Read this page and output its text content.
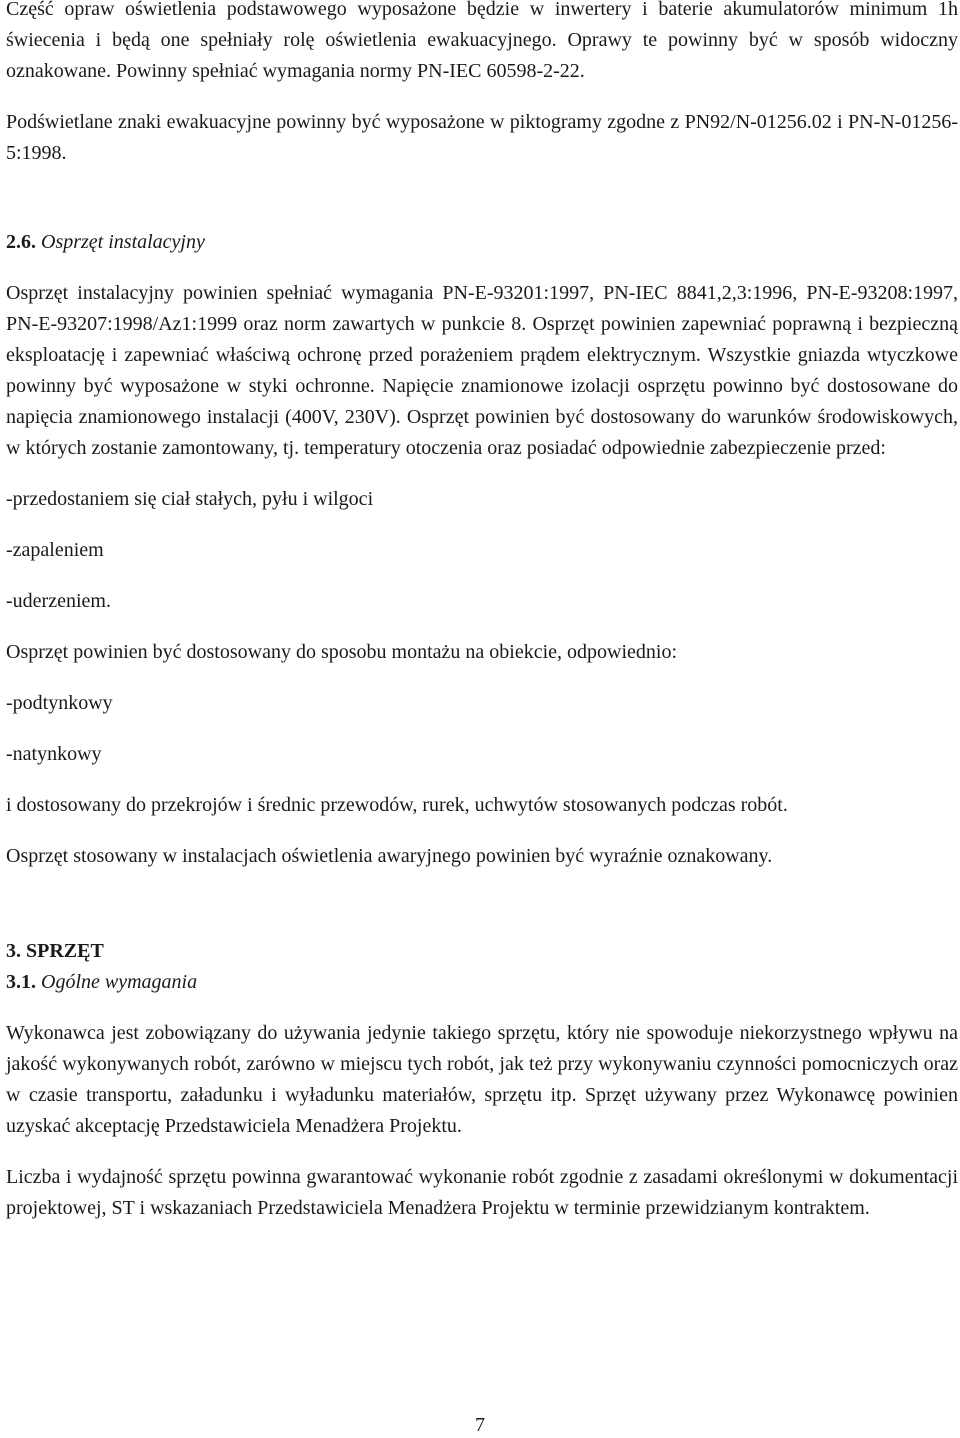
Część opraw oświetlenia podstawowego wyposażone będzie w inwertery i baterie akumulatorów minimum 1h świecenia i będą one spełniały rolę oświetlenia ewakuacyjnego. Oprawy te powinny być w sposób widoczny oznakowane. Powinny spełniać wymagania normy PN-IEC 60598-2-22.

Podświetlane znaki ewakuacyjne powinny być wyposażone w piktogramy zgodne z PN92/N-01256.02 i PN-N-01256-5:1998.

2.6. Osprzęt instalacyjny

Osprzęt instalacyjny powinien spełniać wymagania PN-E-93201:1997, PN-IEC 8841,2,3:1996, PN-E-93208:1997, PN-E-93207:1998/Az1:1999 oraz norm zawartych w punkcie 8. Osprzęt powinien zapewniać poprawną i bezpieczną eksploatację i zapewniać właściwą ochronę przed porażeniem prądem elektrycznym. Wszystkie gniazda wtyczkowe powinny być wyposażone w styki ochronne. Napięcie znamionowe izolacji osprzętu powinno być dostosowane do napięcia znamionowego instalacji (400V, 230V). Osprzęt powinien być dostosowany do warunków środowiskowych, w których zostanie zamontowany, tj. temperatury otoczenia oraz posiadać odpowiednie zabezpieczenie przed:

-przedostaniem się ciał stałych, pyłu i wilgoci

-zapaleniem

-uderzeniem.

Osprzęt powinien być dostosowany do sposobu montażu na obiekcie, odpowiednio:

-podtynkowy

-natynkowy

i dostosowany do przekrojów i średnic przewodów, rurek, uchwytów stosowanych podczas robót.

Osprzęt stosowany w instalacjach oświetlenia awaryjnego powinien być wyraźnie oznakowany.

3. SPRZĘT

3.1. Ogólne wymagania

Wykonawca jest zobowiązany do używania jedynie takiego sprzętu, który nie spowoduje niekorzystnego wpływu na jakość wykonywanych robót, zarówno w miejscu tych robót, jak też przy wykonywaniu czynności pomocniczych oraz w czasie transportu, załadunku i wyładunku materiałów, sprzętu itp. Sprzęt używany przez Wykonawcę powinien uzyskać akceptację Przedstawiciela Menadżera Projektu.

Liczba i wydajność sprzętu powinna gwarantować wykonanie robót zgodnie z zasadami określonymi w dokumentacji projektowej, ST i wskazaniach Przedstawiciela Menadżera Projektu w terminie przewidzianym kontraktem.

7
